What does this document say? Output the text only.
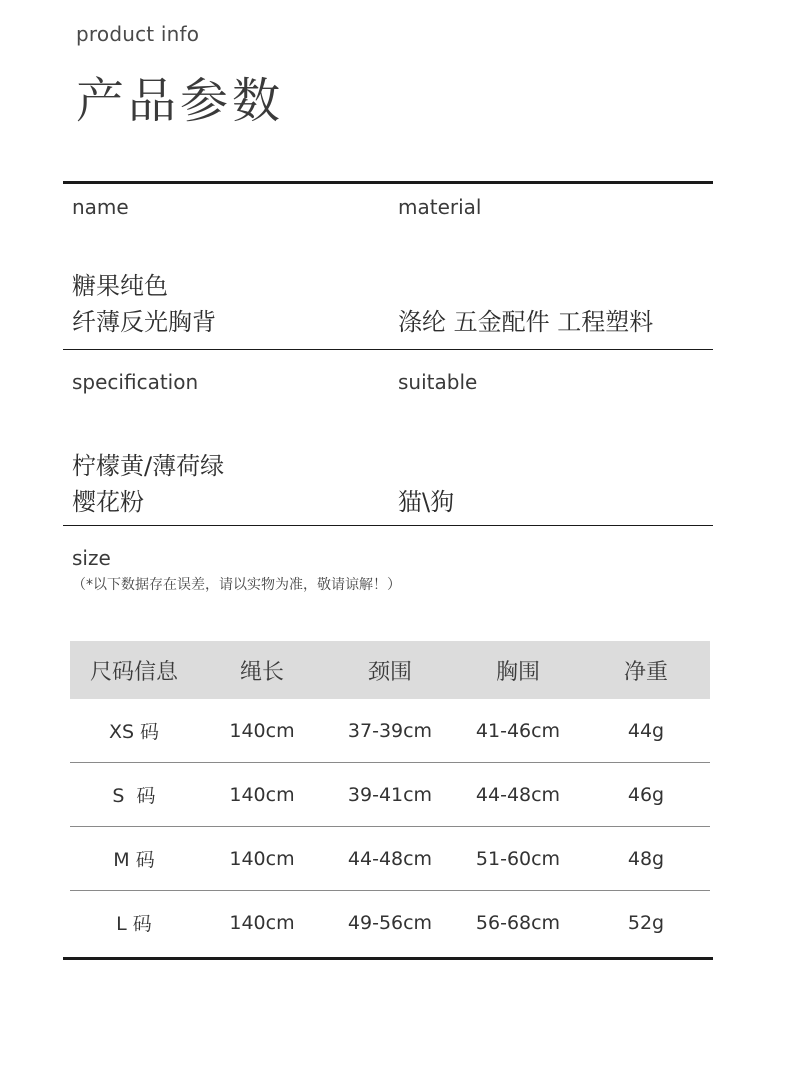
product info
产品参数
name	material
糖果纯色
纤薄反光胸背	涤纶 五金配件 工程塑料
specification	suitable
柠檬黄/薄荷绿
樱花粉	猫\狗
size
（*以下数据存在误差，请以实物为准，敬请谅解！）
尺码信息	绳长	颈围	胸围	净重
XS 码	140cm	37-39cm	41-46cm	44g
S  码	140cm	39-41cm	44-48cm	46g
M 码	140cm	44-48cm	51-60cm	48g
L 码	140cm	49-56cm	56-68cm	52g
